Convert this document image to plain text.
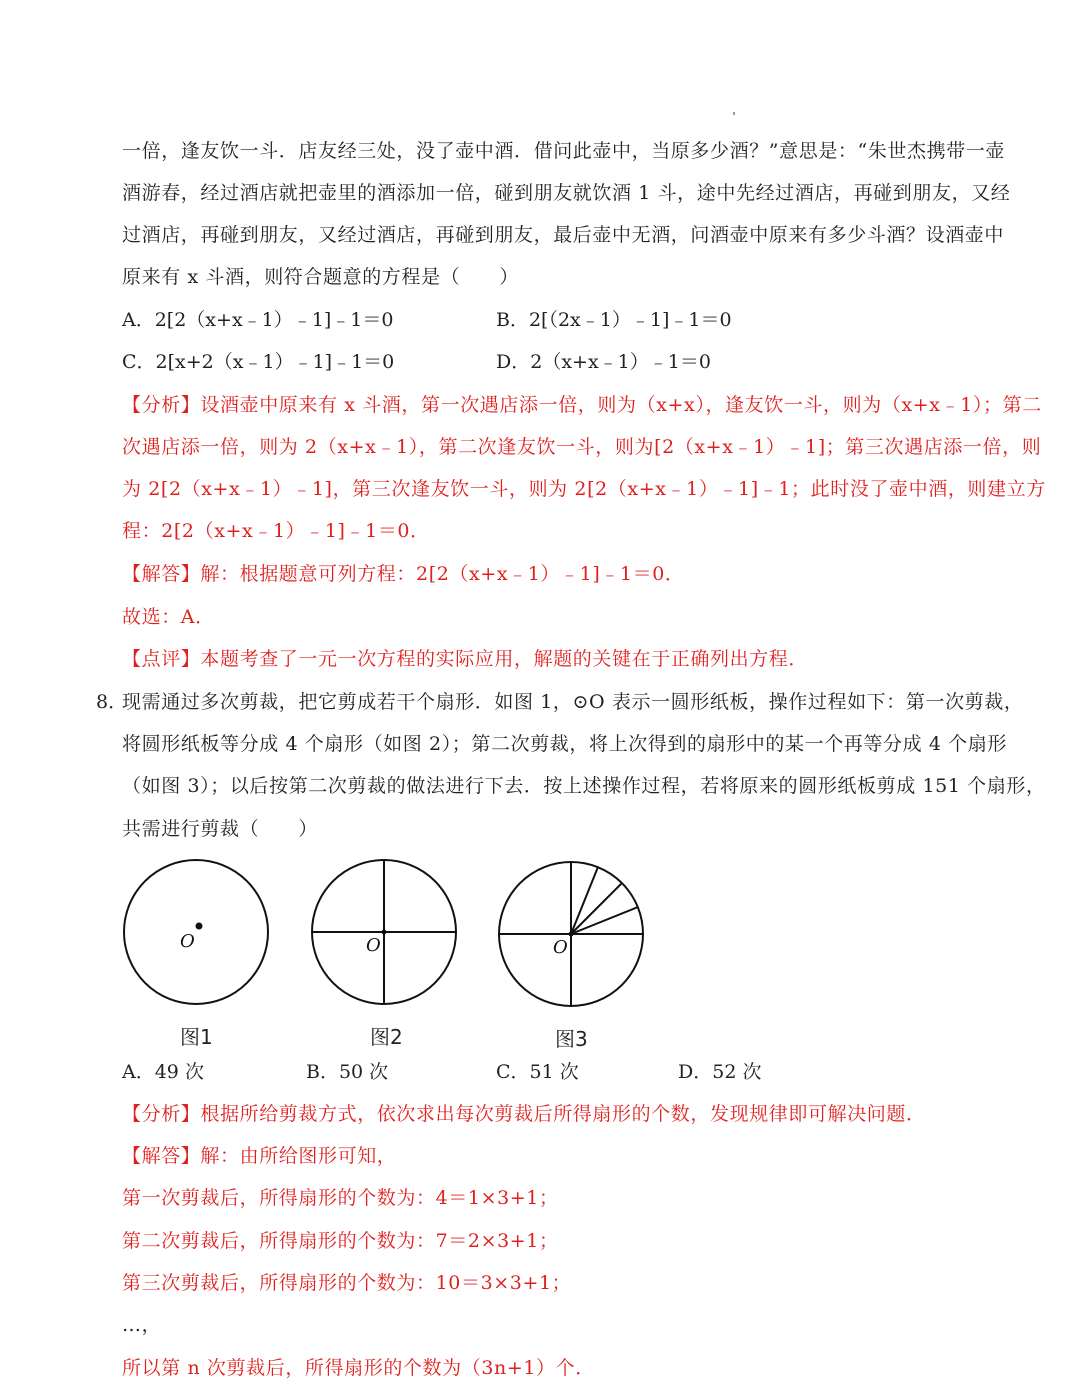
一倍，逢友饮一斗．店友经三处，没了壶中酒．借问此壶中，当原多少酒？”意思是：“朱世杰携带一壶
酒游春，经过酒店就把壶里的酒添加一倍，碰到朋友就饮酒 1 斗，途中先经过酒店，再碰到朋友，又经
过酒店，再碰到朋友，又经过酒店，再碰到朋友，最后壶中无酒，问酒壶中原来有多少斗酒？设酒壶中
原来有 x 斗酒，则符合题意的方程是（　　）
A．2[2（x+x﹣1）﹣1]﹣1＝0	B．2[（2x﹣1）﹣1]﹣1＝0
C．2[x+2（x﹣1）﹣1]﹣1＝0	D．2（x+x﹣1）﹣1＝0
【分析】设酒壶中原来有 x 斗酒，第一次遇店添一倍，则为（x+x），逢友饮一斗，则为（x+x﹣1）；第二
次遇店添一倍，则为 2（x+x﹣1），第二次逢友饮一斗，则为[2（x+x﹣1）﹣1]；第三次遇店添一倍，则
为 2[2（x+x﹣1）﹣1]，第三次逢友饮一斗，则为 2[2（x+x﹣1）﹣1]﹣1；此时没了壶中酒，则建立方
程：2[2（x+x﹣1）﹣1]﹣1＝0．
【解答】解：根据题意可列方程：2[2（x+x﹣1）﹣1]﹣1＝0．
故选：A．
【点评】本题考查了一元一次方程的实际应用，解题的关键在于正确列出方程．
8．
现需通过多次剪裁，把它剪成若干个扇形．如图 1，⊙O 表示一圆形纸板，操作过程如下：第一次剪裁，
将圆形纸板等分成 4 个扇形（如图 2）；第二次剪裁，将上次得到的扇形中的某一个再等分成 4 个扇形
（如图 3）；以后按第二次剪裁的做法进行下去．按上述操作过程，若将原来的圆形纸板剪成 151 个扇形，
共需进行剪裁（　　）
O	O	O
图1	图2	图3
A．49 次	B．50 次	C．51 次	D．52 次
【分析】根据所给剪裁方式，依次求出每次剪裁后所得扇形的个数，发现规律即可解决问题．
【解答】解：由所给图形可知，
第一次剪裁后，所得扇形的个数为：4＝1×3+1；
第二次剪裁后，所得扇形的个数为：7＝2×3+1；
第三次剪裁后，所得扇形的个数为：10＝3×3+1；
…，
所以第 n 次剪裁后，所得扇形的个数为（3n+1）个．
